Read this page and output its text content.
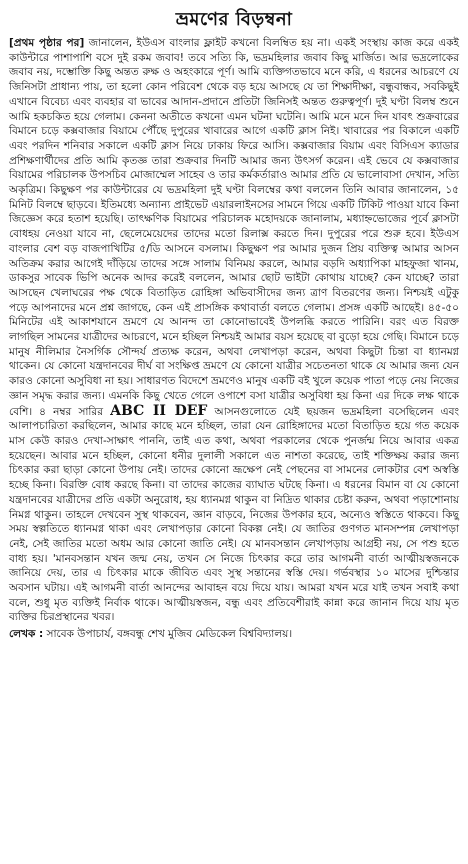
ভ্রমণের বিড়ম্বনা

[প্রথম পৃষ্ঠার পর] জানালেন, ইউএস বাংলার ফ্লাইট কখনো বিলম্বিত হয় না। একই সংস্থায় কাজ করে একই কাউন্টারে পাশাপাশি বসে দুই রকম জবাব! তবে সত্যি কি, ভদ্রমহিলার জবাব কিছু মার্জিত। আর ভদ্রলোকের জবাব নয়, দম্ভোক্তি কিছু অন্তত রুক্ষ ও অহংকারে পূর্ণ। আমি ব্যক্তিগতভাবে মনে করি, এ ধরনের আচরণে যে জিনিসটা প্রাধান্য পায়, তা হলো কোন পরিবেশ থেকে বড় হয়ে আসছে যে তা শিক্ষাদীক্ষা, বন্ধুবান্ধব, সবকিছুই এখানে বিবেচ্য এবং ব্যবহার বা ভাবের আদান-প্রদানে প্রতিটা জিনিসই অন্তত গুরুত্বপূর্ণ। দুই ঘণ্টা বিলম্ব শুনে আমি হকচকিত হয়ে গেলাম। কেননা অতীতে কখনো এমন ঘটনা ঘটেনি। আমি মনে মনে দিন যাবৎ শুক্রবারের বিমানে চড়ে কক্সবাজার বিয়ামে পৌঁছে দুপুরের খাবারের আগে একটি ক্লাস নিই। খাবারের পর বিকালে একটি এবং পরদিন শনিবার সকালে একটি ক্লাস নিয়ে ঢাকায় ফিরে আসি। কক্সবাজার বিয়াম এবং বিসিএস ক্যাডার প্রশিক্ষণার্থীদের প্রতি আমি কৃতজ্ঞ তারা শুক্রবার দিনটি আমার জন্য উৎসর্গ করেন। এই ভেবে যে কক্সবাজার বিয়ামের পরিচালক উপসচিব মোজাম্মেল সাহেব ও তার কর্মকর্তারাও আমার প্রতি যে ভালোবাসা দেখান, সত্যি অকৃত্রিম। কিছুক্ষণ পর কাউন্টারের যে ভদ্রমহিলা দুই ঘণ্টা বিলম্বের কথা বললেন তিনি আবার জানালেন, ১৫ মিনিট বিলম্বে ছাড়বে। ইতিমধ্যে অন্যান্য প্রাইভেট এয়ারলাইনসের সামনে গিয়ে একটি টিকিট পাওয়া যাবে কিনা জিজ্ঞেস করে হতাশ হয়েছি। তাৎক্ষণিক বিয়ামের পরিচালক মহোদয়কে জানালাম, মধ্যাহ্নভোজের পূর্বে ক্লাসটা বোধহয় নেওয়া যাবে না, ছেলেমেয়েদের তাদের মতো রিলাক্স করতে দিন। দুপুরের পরে শুরু হবে। ইউএস বাংলার বেশ বড় বাজপাখিটির ৫/ডি আসনে বসলাম। কিছুক্ষণ পর আমার দুজন প্রিয় ব্যক্তিত্ব আমার আসন অতিক্রম করার আগেই দাঁড়িয়ে তাদের সঙ্গে সালাম বিনিময় করলে, আমার বড়দি অধ্যাপিকা মাহফুজা খানম, ডাকসুর সাবেক ভিপি অনেক আদর করেই বললেন, আমার ছোট ভাইটা কোথায় যাচ্ছে? কেন যাচ্ছে? তারা আসছেন খেলাঘরের পক্ষ থেকে বিতাড়িত রোহিঙ্গা অভিবাসীদের জন্য ত্রাণ বিতরণের জন্য। নিশ্চয়ই এটুকু পড়ে আপনাদের মনে প্রশ্ন জাগছে, কেন এই প্রাসঙ্গিক কথাবার্তা বলতে গেলাম। প্রসঙ্গ একটি আছেই। ৪৫-৫০ মিনিটের এই আকাশযানে ভ্রমণে যে আনন্দ তা কোনোভাবেই উপলব্ধি করতে পারিনি। বরং এত বিরক্ত লাগছিল সামনের যাত্রীদের আচরণে, মনে হচ্ছিল নিশ্চয়ই আমার বয়স হয়েছে বা বুড়ো হয়ে গেছি। বিমানে চড়ে মানুষ নীলিমার নৈসর্গিক সৌন্দর্য প্রত্যক্ষ করেন, অথবা লেখাপড়া করেন, অথবা কিছুটা চিন্তা বা ধ্যানমগ্ন থাকেন। যে কোনো যন্ত্রদানবের দীর্ঘ বা সংক্ষিপ্ত ভ্রমণে যে কোনো যাত্রীর সচেতনতা থাকে যে আমার জন্য যেন কারও কোনো অসুবিধা না হয়। সাধারণত বিদেশে ভ্রমণেও মানুষ একটি বই খুলে কয়েক পাতা পড়ে নেয় নিজের জ্ঞান সমৃদ্ধ করার জন্য। এমনকি কিছু খেতে গেলে ওপাশে বসা যাত্রীর অসুবিধা হয় কিনা এর দিকে লক্ষ থাকে বেশি। ৪ নম্বর সারির ABC II DEF আসনগুলোতে যেই ছয়জন ভদ্রমহিলা বসেছিলেন এবং আলাপচারিতা করছিলেন, আমার কাছে মনে হচ্ছিল, তারা যেন রোহিঙ্গাদের মতো বিতাড়িত হয়ে গত কয়েক মাস কেউ কারও দেখা-সাক্ষাৎ পাননি, তাই এত কথা, অথবা পরকালের থেকে পুনর্জন্ম নিয়ে আবার একত্র হয়েছেন। আবার মনে হচ্ছিল, কোনো ধনীর দুলালী সকালে এত নাশতা করেছে, তাই শক্তিক্ষয় করার জন্য চিৎকার করা ছাড়া কোনো উপায় নেই। তাদের কোনো ভ্রূক্ষেপ নেই পেছনের বা সামনের লোকটার বেশ অস্বস্তি হচ্ছে কিনা। বিরক্তি বোধ করছে কিনা। বা তাদের কাজের ব্যাঘাত ঘটছে কিনা। এ ধরনের বিমান বা যে কোনো যন্ত্রদানবের যাত্রীদের প্রতি একটা অনুরোধ, হয় ধ্যানমগ্ন থাকুন বা নিদ্রিত থাকার চেষ্টা করুন, অথবা পড়াশোনায় নিমগ্ন থাকুন। তাহলে দেখবেন সুস্থ থাকবেন, জ্ঞান বাড়বে, নিজের উপকার হবে, অন্যেও স্বস্তিতে থাকবে। কিছু সময় স্বল্পতিতে ধ্যানমগ্ন থাকা এবং লেখাপড়ার কোনো বিকল্প নেই। যে জাতির গুণগত মানসম্পন্ন লেখাপড়া নেই, সেই জাতির মতো অধম আর কোনো জাতি নেই। যে মানবসন্তান লেখাপড়ায় আগ্রহী নয়, সে পশু হতে বাধ্য হয়। 'মানবসন্তান যখন জন্ম নেয়, তখন সে নিজে চিৎকার করে তার আগমনী বার্তা আত্মীয়স্বজনকে জানিয়ে দেয়, তার এ চিৎকার মাকে জীবিত এবং সুস্থ সন্তানের স্বস্তি দেয়। গর্ভবস্থার ১০ মাসের দুশ্চিন্তার অবসান ঘটায়। এই আগমনী বার্তা আনন্দের আবাহন বয়ে দিয়ে যায়। আমরা যখন মরে যাই তখন সবাই কথা বলে, শুধু মৃত ব্যক্তিই নির্বাক থাকে। আত্মীয়স্বজন, বন্ধু এবং প্রতিবেশীরাই কান্না করে জানান দিয়ে যায় মৃত ব্যক্তির চিরপ্রস্থানের খবর।

লেখক : সাবেক উপাচার্য, বঙ্গবন্ধু শেখ মুজিব মেডিকেল বিশ্ববিদ্যালয়।
